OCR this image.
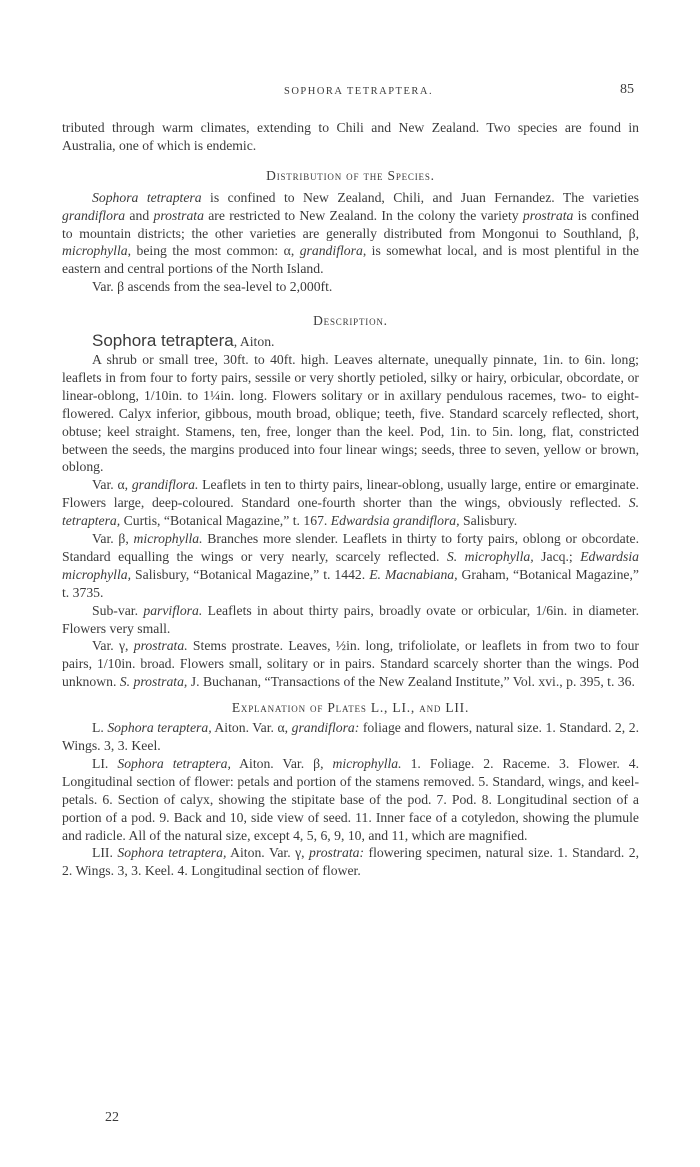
SOPHORA TETRAPTERA.	85

tributed through warm climates, extending to Chili and New Zealand. Two species are found in Australia, one of which is endemic.

Distribution of the Species.

Sophora tetraptera is confined to New Zealand, Chili, and Juan Fernandez. The varieties grandiflora and prostrata are restricted to New Zealand. In the colony the variety prostrata is confined to mountain districts; the other varieties are generally distributed from Mongonui to Southland, β, microphylla, being the most common: α, grandiflora, is somewhat local, and is most plentiful in the eastern and central portions of the North Island.

Var. β ascends from the sea-level to 2,000ft.

Description.

Sophora tetraptera, Aiton.

A shrub or small tree, 30ft. to 40ft. high. Leaves alternate, unequally pinnate, 1in. to 6in. long; leaflets in from four to forty pairs, sessile or very shortly petioled, silky or hairy, orbicular, obcordate, or linear-oblong, 1/10in. to 1¼in. long. Flowers solitary or in axillary pendulous racemes, two- to eight-flowered. Calyx inferior, gibbous, mouth broad, oblique; teeth, five. Standard scarcely reflected, short, obtuse; keel straight. Stamens, ten, free, longer than the keel. Pod, 1in. to 5in. long, flat, constricted between the seeds, the margins produced into four linear wings; seeds, three to seven, yellow or brown, oblong.

Var. α, grandiflora. Leaflets in ten to thirty pairs, linear-oblong, usually large, entire or emarginate. Flowers large, deep-coloured. Standard one-fourth shorter than the wings, obviously reflected. S. tetraptera, Curtis, “Botanical Magazine,” t. 167. Edwardsia grandiflora, Salisbury.

Var. β, microphylla. Branches more slender. Leaflets in thirty to forty pairs, oblong or obcordate. Standard equalling the wings or very nearly, scarcely reflected. S. microphylla, Jacq.; Edwardsia microphylla, Salisbury, “Botanical Magazine,” t. 1442. E. Macnabiana, Graham, “Botanical Magazine,” t. 3735.

Sub-var. parviflora. Leaflets in about thirty pairs, broadly ovate or orbicular, 1/6in. in diameter. Flowers very small.

Var. γ, prostrata. Stems prostrate. Leaves, ½in. long, trifoliolate, or leaflets in from two to four pairs, 1/10in. broad. Flowers small, solitary or in pairs. Standard scarcely shorter than the wings. Pod unknown. S. prostrata, J. Buchanan, “Transactions of the New Zealand Institute,” Vol. xvi., p. 395, t. 36.

Explanation of Plates L., LI., and LII.

L. Sophora teraptera, Aiton. Var. α, grandiflora: foliage and flowers, natural size. 1. Standard. 2, 2. Wings. 3, 3. Keel.

LI. Sophora tetraptera, Aiton. Var. β, microphylla. 1. Foliage. 2. Raceme. 3. Flower. 4. Longitudinal section of flower: petals and portion of the stamens removed. 5. Standard, wings, and keel-petals. 6. Section of calyx, showing the stipitate base of the pod. 7. Pod. 8. Longitudinal section of a portion of a pod. 9. Back and 10, side view of seed. 11. Inner face of a cotyledon, showing the plumule and radicle. All of the natural size, except 4, 5, 6, 9, 10, and 11, which are magnified.

LII. Sophora tetraptera, Aiton. Var. γ, prostrata: flowering specimen, natural size. 1. Standard. 2, 2. Wings. 3, 3. Keel. 4. Longitudinal section of flower.

22
